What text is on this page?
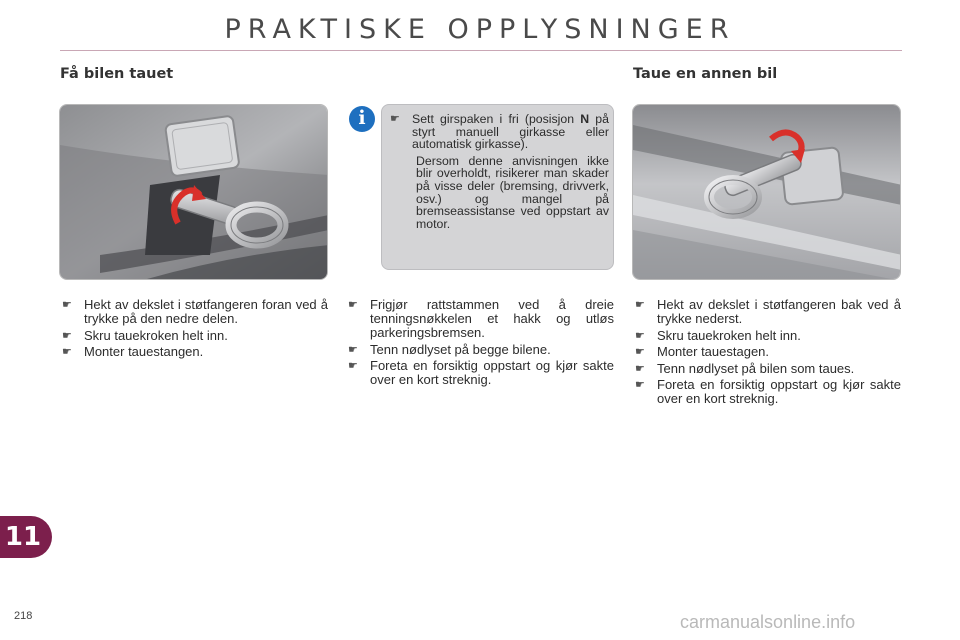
PRAKTISKE OPPLYSNINGER
Få bilen tauet	Taue en annen bil
i	☛ Sett girspaken i fri (posisjon N på styrt manuell girkasse eller automatisk girkasse).

Dersom denne anvisningen ikke blir overholdt, risikerer man skader på visse deler (bremsing, drivverk, osv.) og mangel på bremseassistanse ved oppstart av motor.

☛ Hekt av dekslet i støtfangeren foran ved å trykke på den nedre delen.
☛ Skru tauekroken helt inn.
☛ Monter tauestangen.
☛ Frigjør rattstammen ved å dreie tenningsnøkkelen et hakk og utløs parkeringsbremsen.
☛ Tenn nødlyset på begge bilene.
☛ Foreta en forsiktig oppstart og kjør sakte over en kort streknig.
☛ Hekt av dekslet i støtfangeren bak ved å trykke nederst.
☛ Skru tauekroken helt inn.
☛ Monter tauestagen.
☛ Tenn nødlyset på bilen som taues.
☛ Foreta en forsiktig oppstart og kjør sakte over en kort streknig.
11
218	carmanualsonline.info
